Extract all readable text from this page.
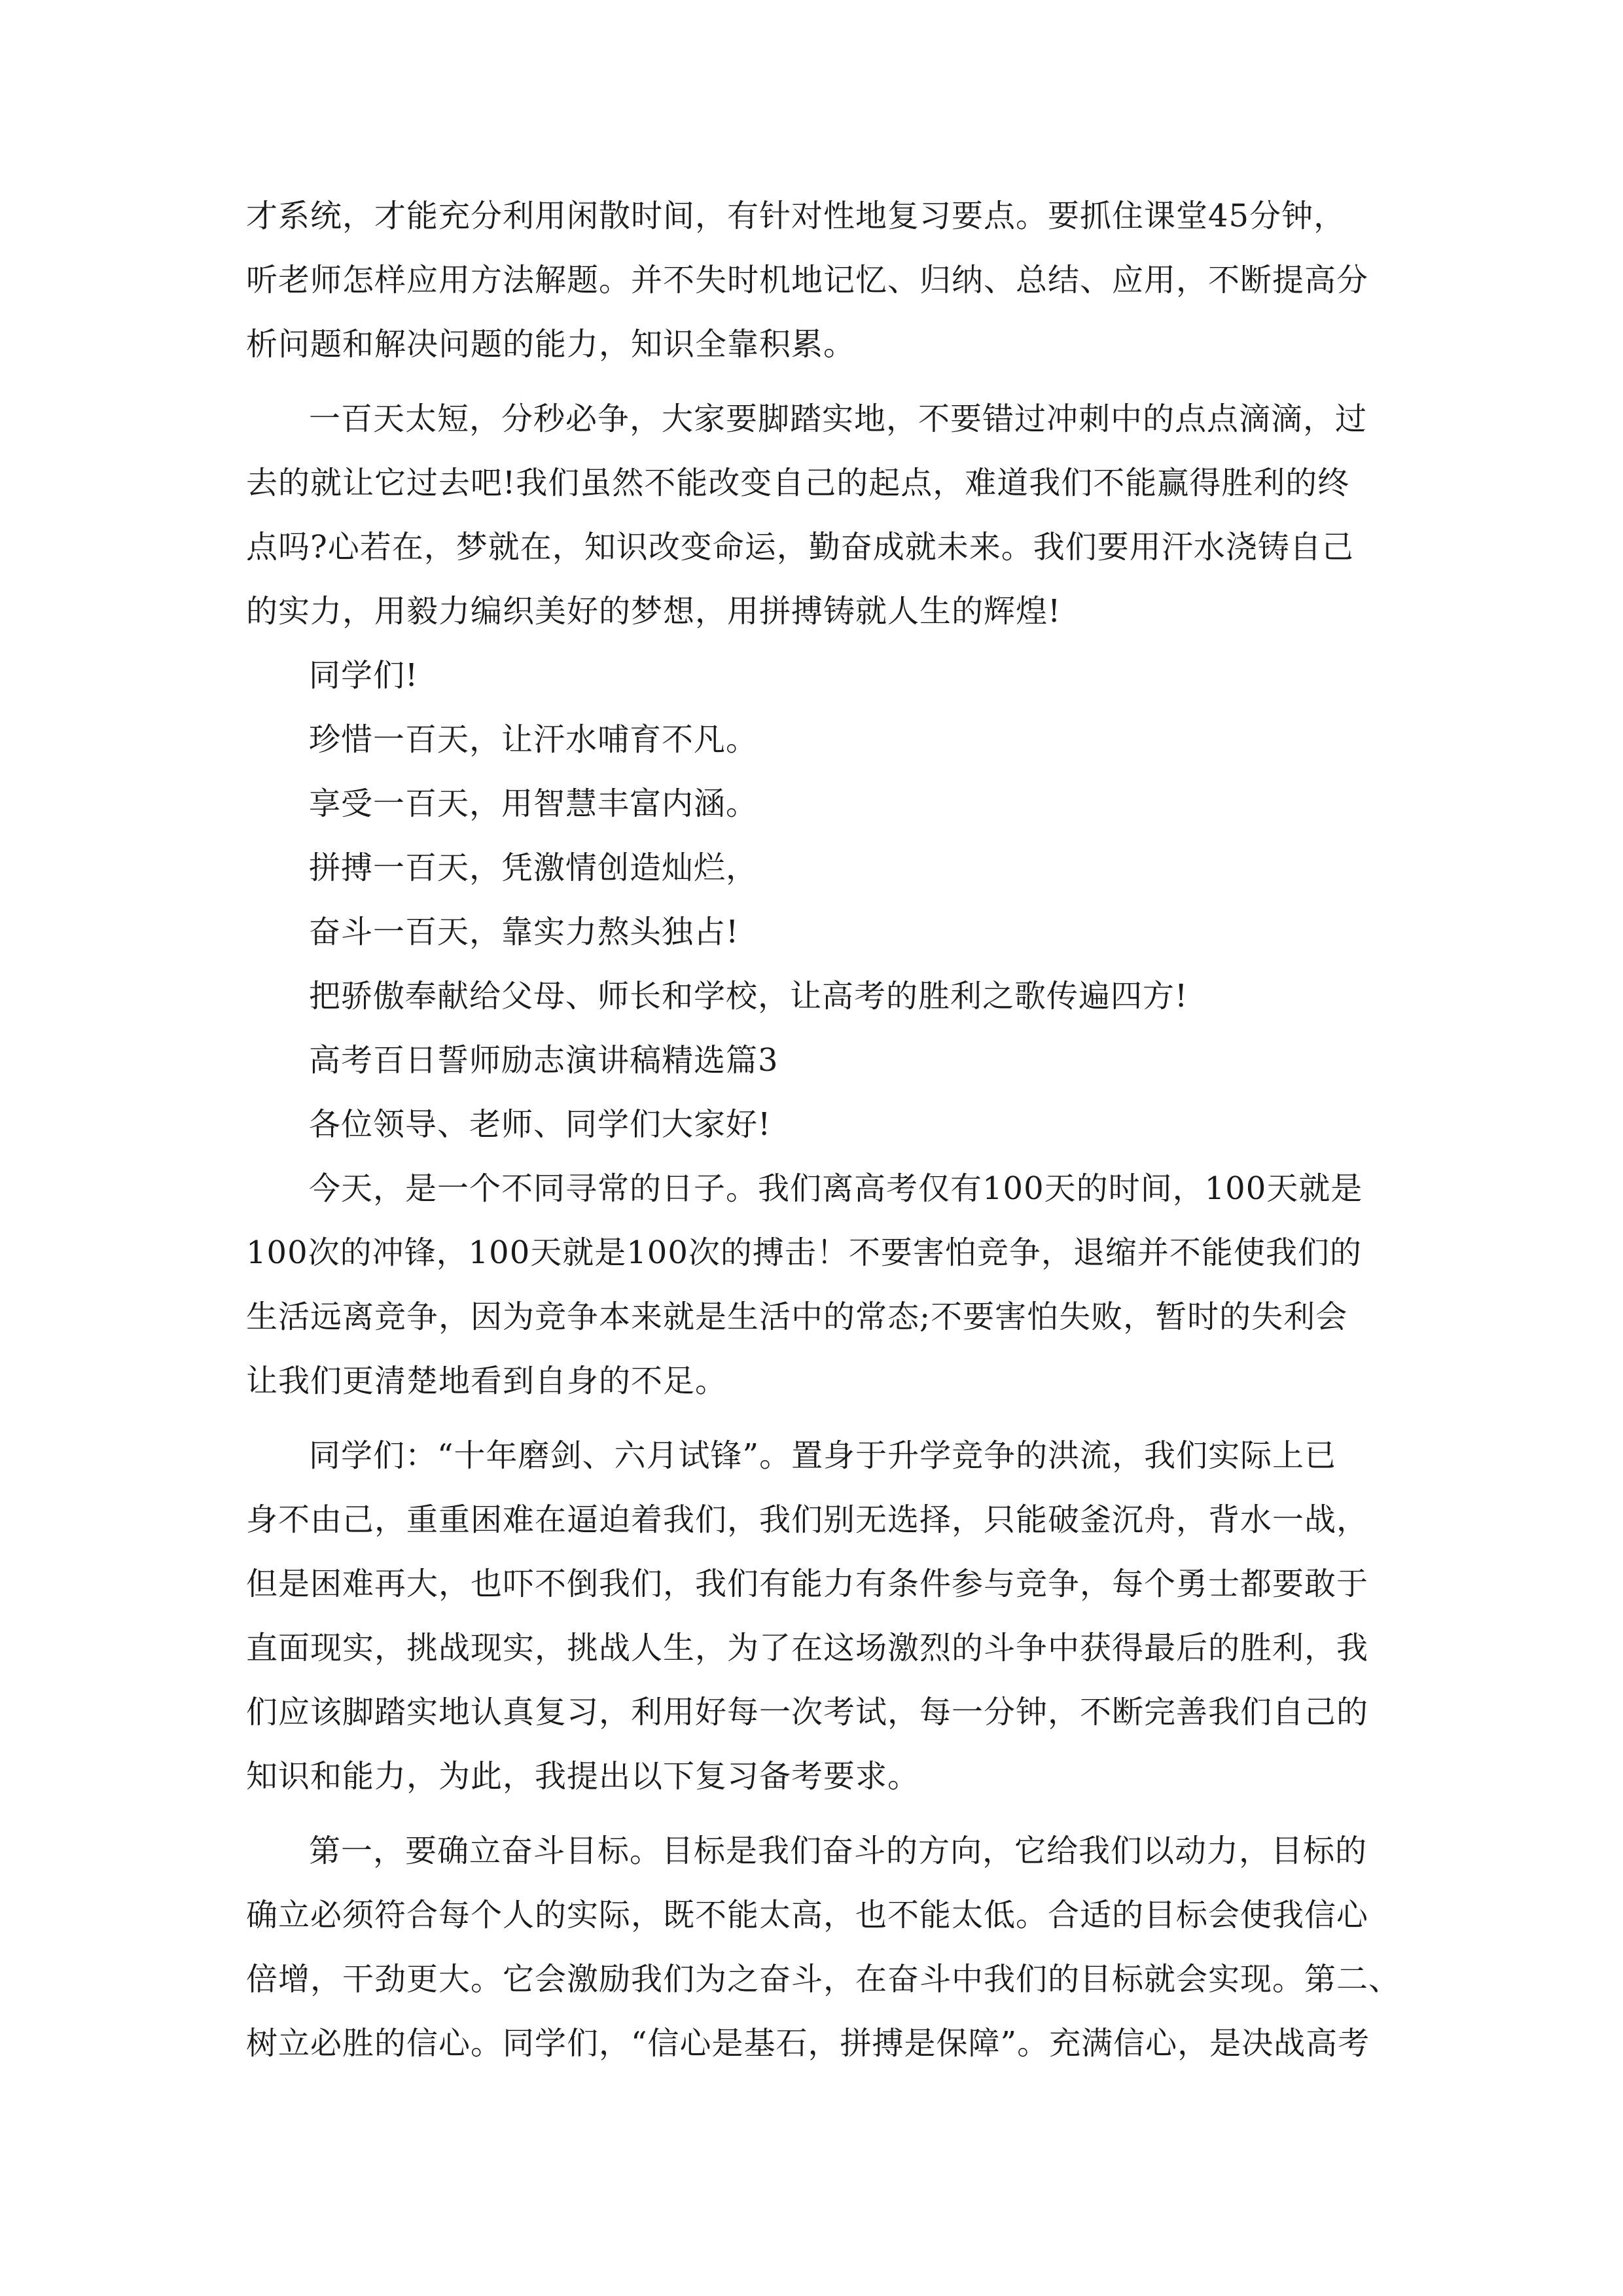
才系统，才能充分利用闲散时间，有针对性地复习要点。要抓住课堂45分钟，
听老师怎样应用方法解题。并不失时机地记忆、归纳、总结、应用，不断提高分
析问题和解决问题的能力，知识全靠积累。
一百天太短，分秒必争，大家要脚踏实地，不要错过冲刺中的点点滴滴，过
去的就让它过去吧!我们虽然不能改变自己的起点，难道我们不能赢得胜利的终
点吗?心若在，梦就在，知识改变命运，勤奋成就未来。我们要用汗水浇铸自己
的实力，用毅力编织美好的梦想，用拼搏铸就人生的辉煌!
同学们!
珍惜一百天，让汗水哺育不凡。
享受一百天，用智慧丰富内涵。
拼搏一百天，凭激情创造灿烂，
奋斗一百天，靠实力熬头独占!
把骄傲奉献给父母、师长和学校，让高考的胜利之歌传遍四方!
高考百日誓师励志演讲稿精选篇3
各位领导、老师、同学们大家好!
今天，是一个不同寻常的日子。我们离高考仅有100天的时间，100天就是
100次的冲锋，100天就是100次的搏击！不要害怕竞争，退缩并不能使我们的
生活远离竞争，因为竞争本来就是生活中的常态;不要害怕失败，暂时的失利会
让我们更清楚地看到自身的不足。
同学们：“十年磨剑、六月试锋”。置身于升学竞争的洪流，我们实际上已
身不由己，重重困难在逼迫着我们，我们别无选择，只能破釜沉舟，背水一战，
但是困难再大，也吓不倒我们，我们有能力有条件参与竞争，每个勇士都要敢于
直面现实，挑战现实，挑战人生，为了在这场激烈的斗争中获得最后的胜利，我
们应该脚踏实地认真复习，利用好每一次考试，每一分钟，不断完善我们自己的
知识和能力，为此，我提出以下复习备考要求。
第一，要确立奋斗目标。目标是我们奋斗的方向，它给我们以动力，目标的
确立必须符合每个人的实际，既不能太高，也不能太低。合适的目标会使我信心
倍增，干劲更大。它会激励我们为之奋斗，在奋斗中我们的目标就会实现。第二、
树立必胜的信心。同学们，“信心是基石，拼搏是保障”。充满信心，是决战高考
